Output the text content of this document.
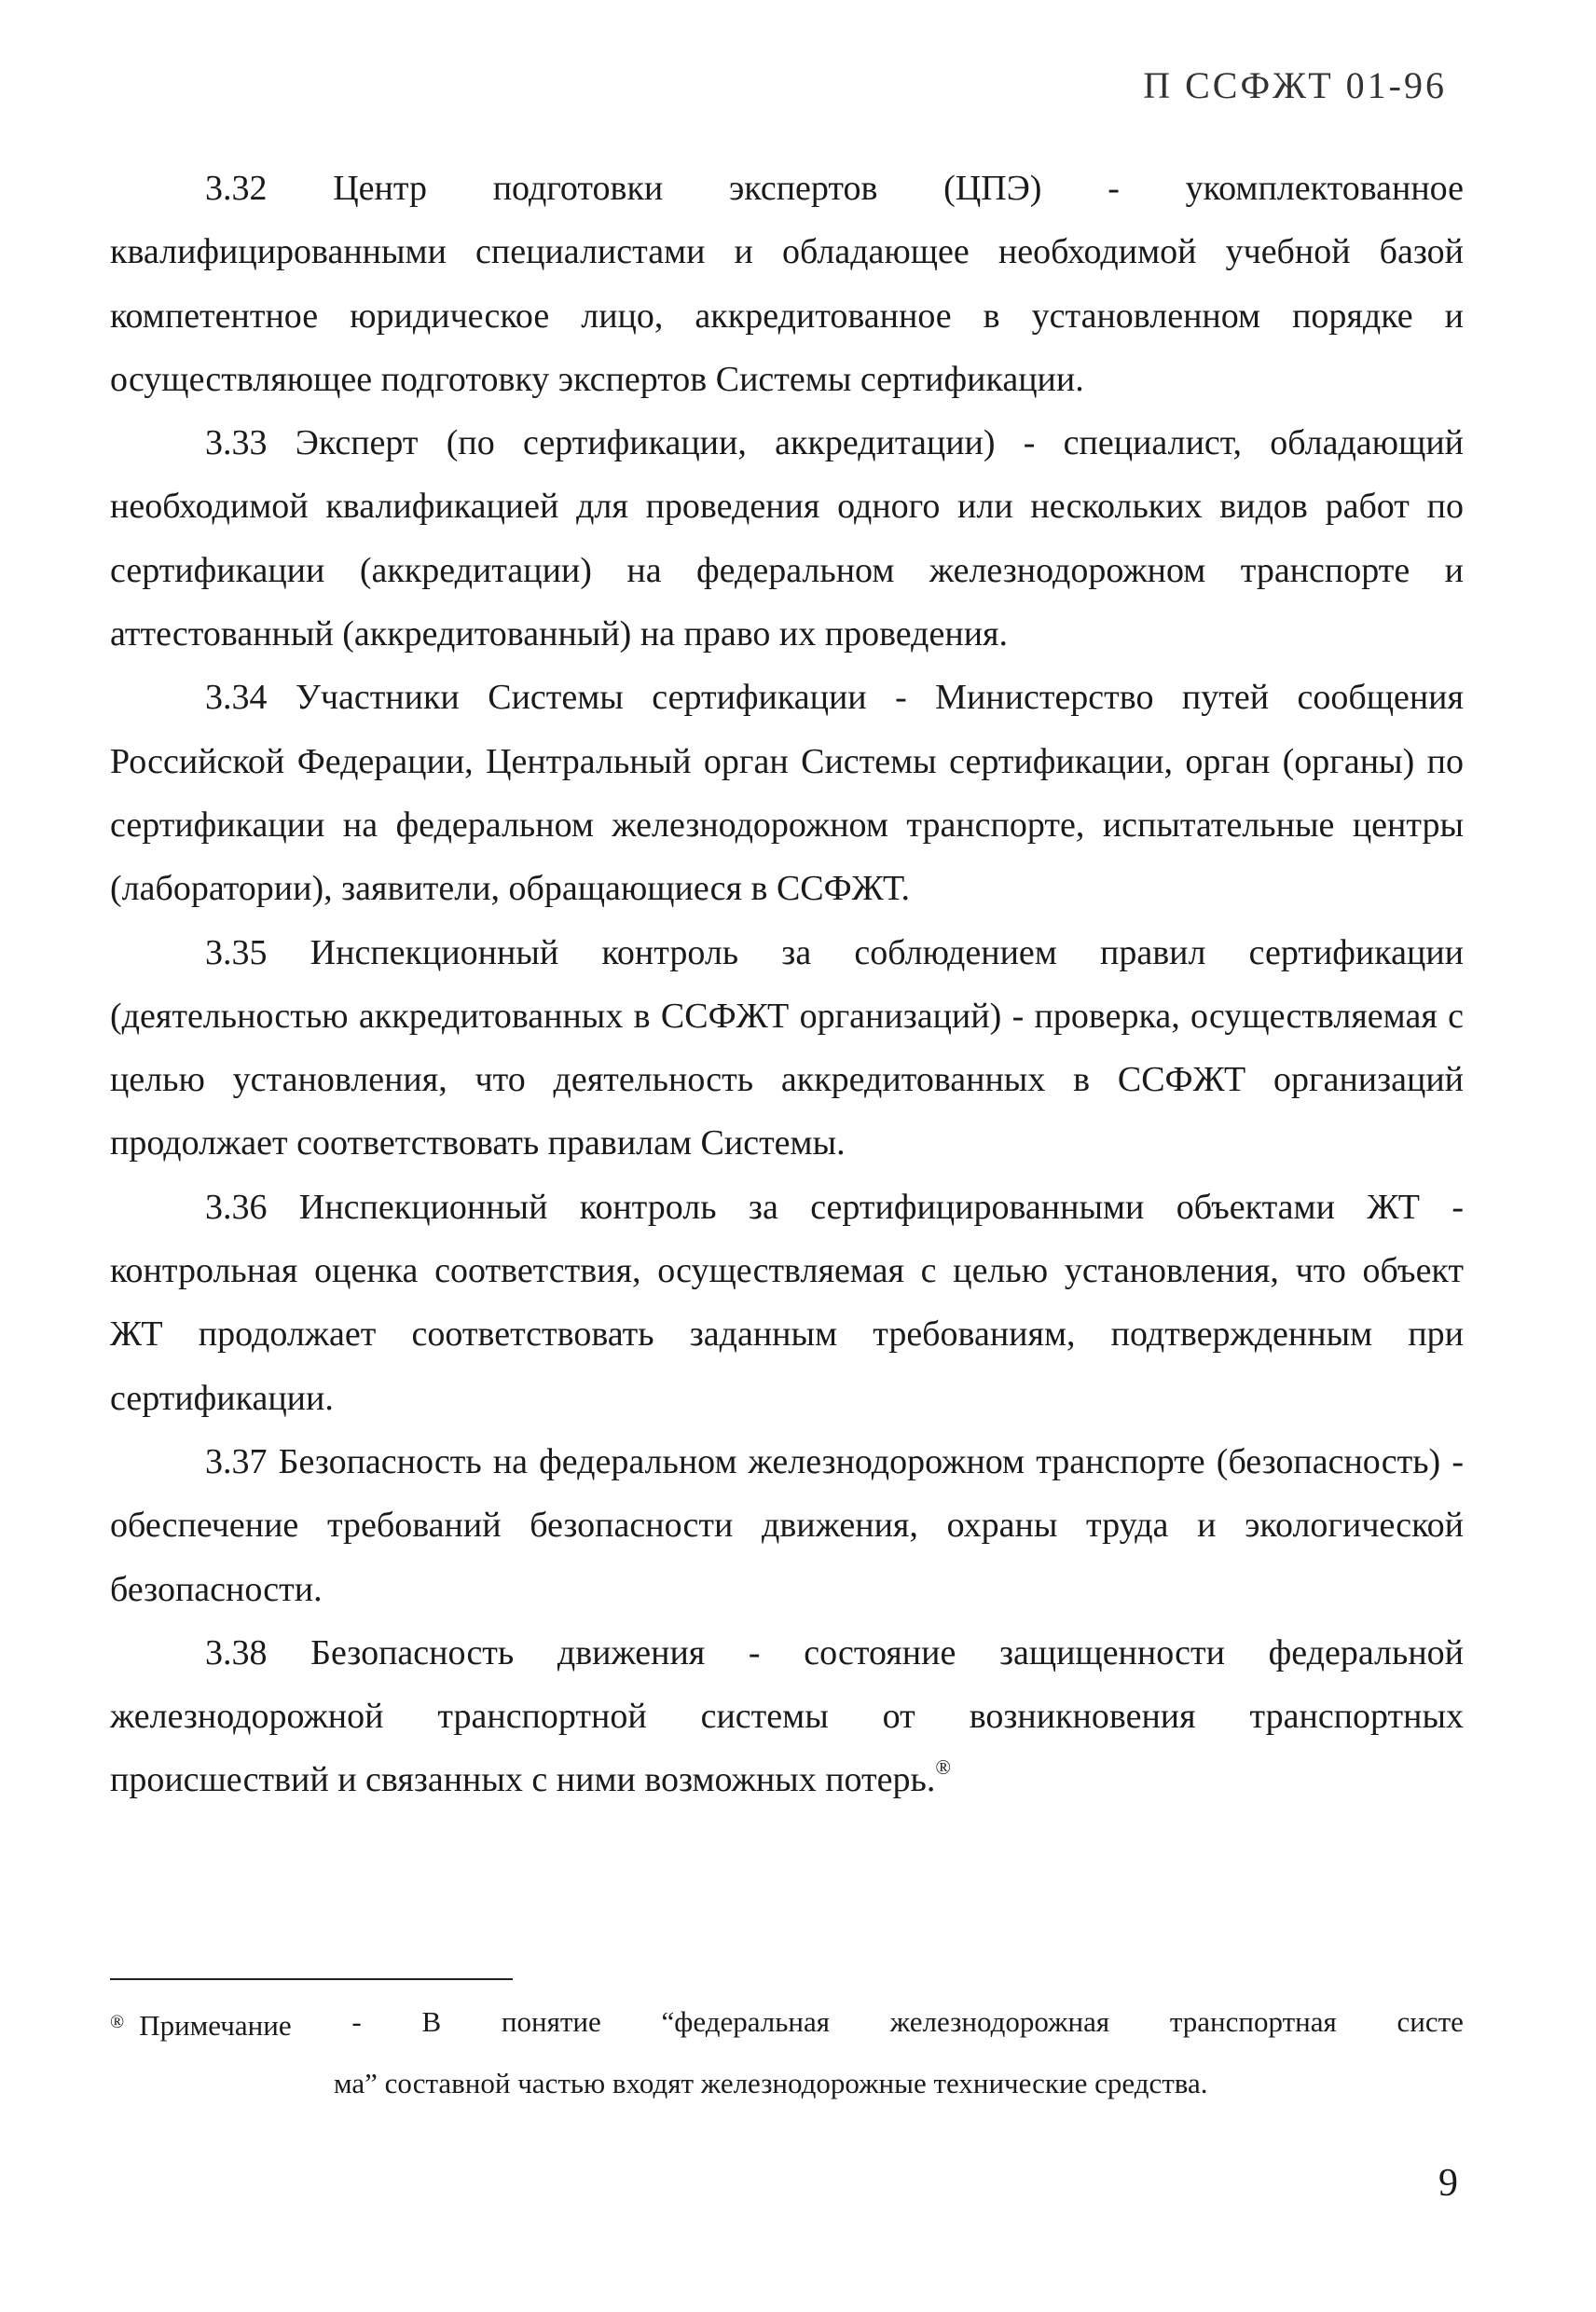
П ССФЖТ 01-96

3.32 Центр подготовки экспертов (ЦПЭ) - укомплектованное квалифицированными специалистами и обладающее необходимой учебной базой компетентное юридическое лицо, аккредитованное в установленном порядке и осуществляющее подготовку экспертов Системы сертификации.

3.33 Эксперт (по сертификации, аккредитации) - специалист, обладающий необходимой квалификацией для проведения одного или нескольких видов работ по сертификации (аккредитации) на федеральном железнодорожном транспорте и аттестованный (аккредитованный) на право их проведения.

3.34 Участники Системы сертификации - Министерство путей сообщения Российской Федерации, Центральный орган Системы сертификации, орган (органы) по сертификации на федеральном железнодорожном транспорте, испытательные центры (лаборатории), заявители, обращающиеся в ССФЖТ.

3.35 Инспекционный контроль за соблюдением правил сертификации (деятельностью аккредитованных в ССФЖТ организаций) - проверка, осуществляемая с целью установления, что деятельность аккредитованных в ССФЖТ организаций продолжает соответствовать правилам Системы.

3.36 Инспекционный контроль за сертифицированными объектами ЖТ - контрольная оценка соответствия, осуществляемая с целью установления, что объект ЖТ продолжает соответствовать заданным требованиям, подтвержденным при сертификации.

3.37 Безопасность на федеральном железнодорожном транспорте (безопасность) - обеспечение требований безопасности движения, охраны труда и экологической безопасности.

3.38 Безопасность движения - состояние защищенности федеральной железнодорожной транспортной системы от возникновения транспортных происшествий и связанных с ними возможных потерь.®

® Примечание - В понятие “федеральная железнодорожная транспортная систе
ма” составной частью входят железнодорожные технические средства.
9
